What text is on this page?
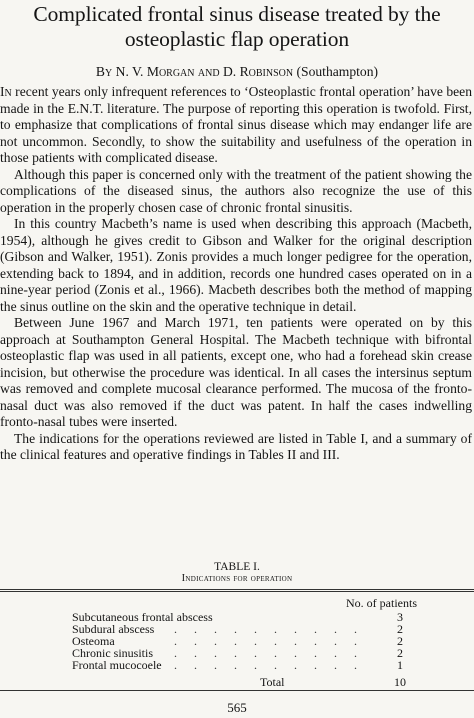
Complicated frontal sinus disease treated by the osteoplastic flap operation
By N. V. Morgan and D. Robinson (Southampton)

In recent years only infrequent references to ‘Osteoplastic frontal operation’ have been made in the E.N.T. literature. The purpose of reporting this operation is twofold. First, to emphasize that complications of frontal sinus disease which may endanger life are not uncommon. Secondly, to show the suitability and usefulness of the operation in those patients with complicated disease.

Although this paper is concerned only with the treatment of the patient showing the complications of the diseased sinus, the authors also recognize the use of this operation in the properly chosen case of chronic frontal sinusitis.

In this country Macbeth’s name is used when describing this approach (Macbeth, 1954), although he gives credit to Gibson and Walker for the original description (Gibson and Walker, 1951). Zonis provides a much longer pedigree for the operation, extending back to 1894, and in addition, records one hundred cases operated on in a nine-year period (Zonis et al., 1966). Macbeth describes both the method of mapping the sinus outline on the skin and the operative technique in detail.

Between June 1967 and March 1971, ten patients were operated on by this approach at Southampton General Hospital. The Macbeth technique with bifrontal osteoplastic flap was used in all patients, except one, who had a forehead skin crease incision, but otherwise the procedure was identical. In all cases the intersinus septum was removed and complete mucosal clearance performed. The mucosa of the fronto-nasal duct was also removed if the duct was patent. In half the cases indwelling fronto-nasal tubes were inserted.

The indications for the operations reviewed are listed in Table I, and a summary of the clinical features and operative findings in Tables II and III.

TABLE I.
Indications for operation
No. of patients
Subcutaneous frontal abscess	3
Subdural abscess . . . . . . . . . .	2
Osteoma	. . . . . . . . . .	2
Chronic sinusitis . . . . . . . . . .	2
Frontal mucocoele . . . . . . . . . .	1
Total	10
565
